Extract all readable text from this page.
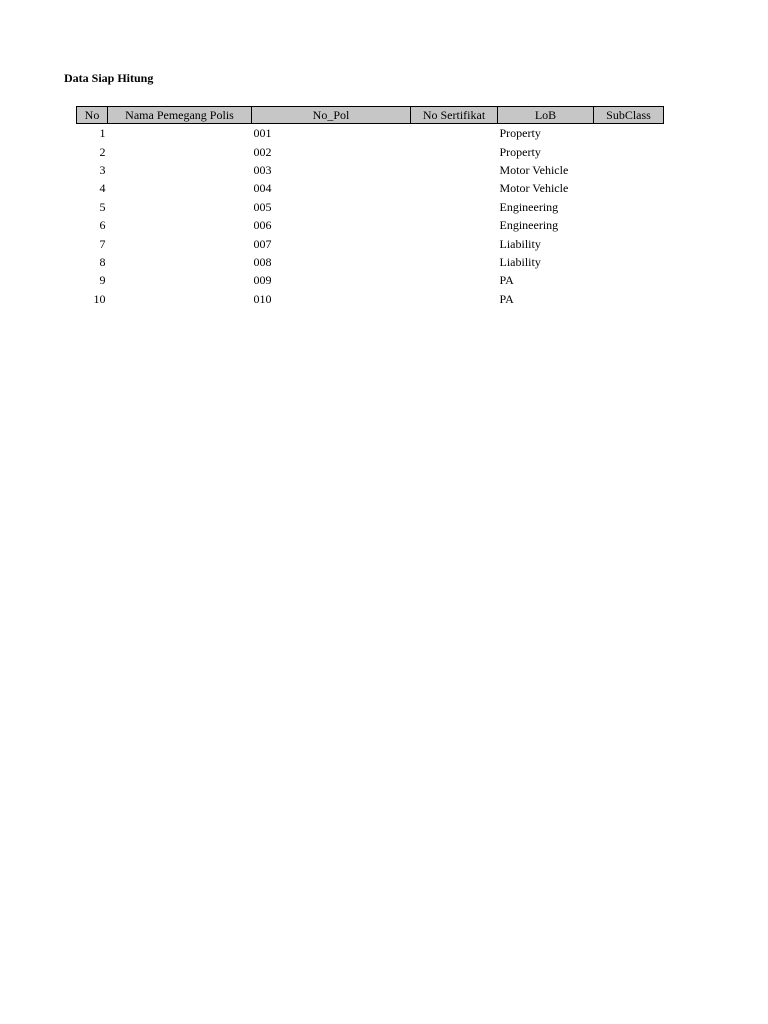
Data Siap Hitung
No	Nama Pemegang Polis	No_Pol	No Sertifikat	LoB	SubClass
1		001		Property	
2		002		Property	
3		003		Motor Vehicle	
4		004		Motor Vehicle	
5		005		Engineering	
6		006		Engineering	
7		007		Liability	
8		008		Liability	
9		009		PA	
10		010		PA	
